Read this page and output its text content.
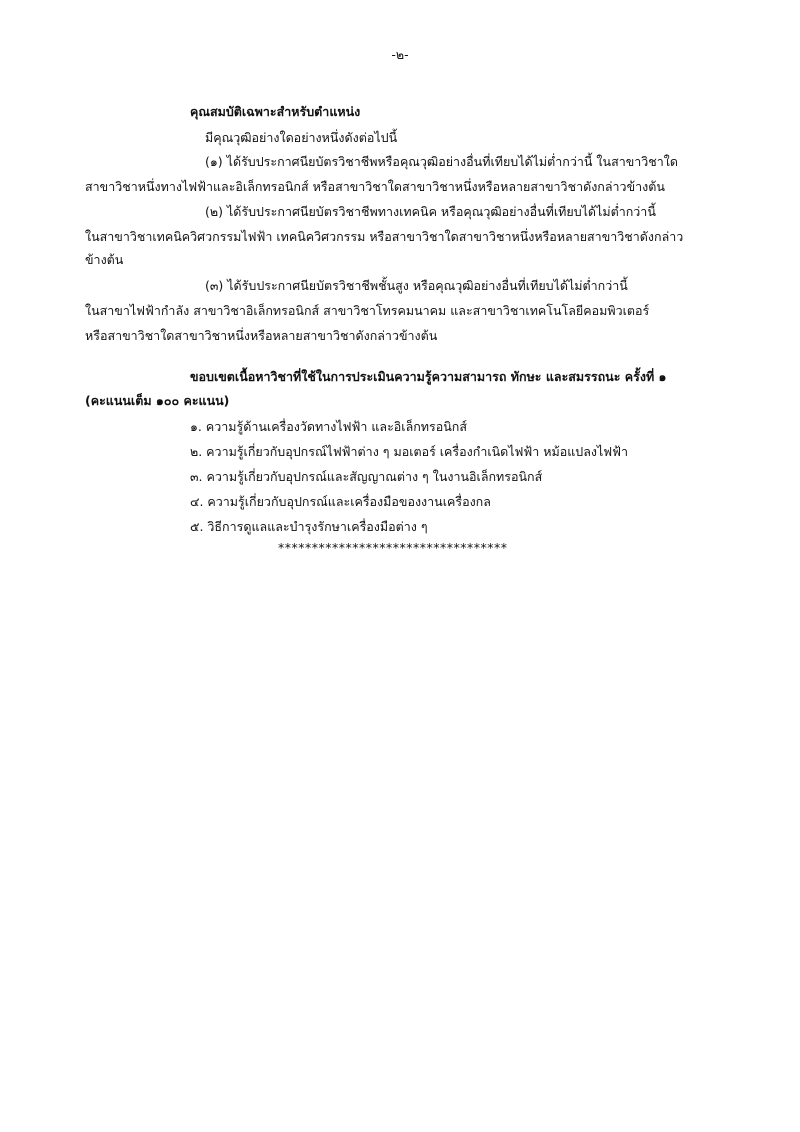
-๒-
คุณสมบัติเฉพาะสำหรับตำแหน่ง
มีคุณวุฒิอย่างใดอย่างหนึ่งดังต่อไปนี้
(๑) ได้รับประกาศนียบัตรวิชาชีพหรือคุณวุฒิอย่างอื่นที่เทียบได้ไม่ต่ำกว่านี้ ในสาขาวิชาใด
สาขาวิชาหนึ่งทางไฟฟ้าและอิเล็กทรอนิกส์ หรือสาขาวิชาใดสาขาวิชาหนึ่งหรือหลายสาขาวิชาดังกล่าวข้างต้น
(๒) ได้รับประกาศนียบัตรวิชาชีพทางเทคนิค หรือคุณวุฒิอย่างอื่นที่เทียบได้ไม่ต่ำกว่านี้
ในสาขาวิชาเทคนิควิศวกรรมไฟฟ้า เทคนิควิศวกรรม หรือสาขาวิชาใดสาขาวิชาหนึ่งหรือหลายสาขาวิชาดังกล่าว
ข้างต้น
(๓) ได้รับประกาศนียบัตรวิชาชีพชั้นสูง หรือคุณวุฒิอย่างอื่นที่เทียบได้ไม่ต่ำกว่านี้
ในสาขาไฟฟ้ากำลัง สาขาวิชาอิเล็กทรอนิกส์ สาขาวิชาโทรคมนาคม และสาขาวิชาเทคโนโลยีคอมพิวเตอร์
หรือสาขาวิชาใดสาขาวิชาหนึ่งหรือหลายสาขาวิชาดังกล่าวข้างต้น
ขอบเขตเนื้อหาวิชาที่ใช้ในการประเมินความรู้ความสามารถ ทักษะ และสมรรถนะ ครั้งที่ ๑
(คะแนนเต็ม ๑๐๐ คะแนน)
๑. ความรู้ด้านเครื่องวัดทางไฟฟ้า และอิเล็กทรอนิกส์
๒. ความรู้เกี่ยวกับอุปกรณ์ไฟฟ้าต่าง ๆ มอเตอร์ เครื่องกำเนิดไฟฟ้า หม้อแปลงไฟฟ้า
๓. ความรู้เกี่ยวกับอุปกรณ์และสัญญาณต่าง ๆ ในงานอิเล็กทรอนิกส์
๔. ความรู้เกี่ยวกับอุปกรณ์และเครื่องมือของงานเครื่องกล
๕. วิธีการดูแลและบำรุงรักษาเครื่องมือต่าง ๆ
**********************************
